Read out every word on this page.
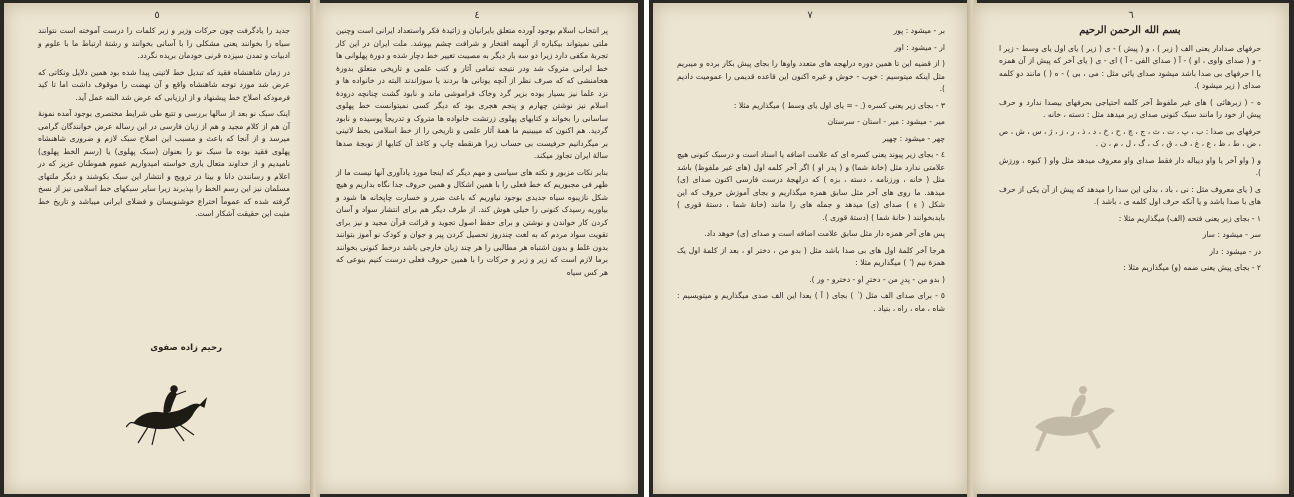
٥

جدید را یادگرفت چون حرکات وزیر و زبر کلمات را درست آموخته است نتوانند سیاه را بخوانند یعنی مشکلی را با آسانی بخوانند و رشتهٔ ارتباط ما با علوم و ادبیات و تمدن سیزده قرنی خودمان بریده نگردد.

در زمان شاهنشاه فقید که تبدیل خط لاتینی پیدا شده بود همین دلایل ونکاتی که عرض شد مورد توجه شاهنشاه واقع و آن نهضت را موقوف داشت اما تا کید فرمودکه اصلاح خط پیشنهاد و از ارزیابی که عرض شد البته عمل آید.

اینک سبک نو بعد از سالها بررسی و تتبع طی شرایط مختصری بوجود آمده نمونهٔ آن هم از کلام مجید و هم از زبان فارسی در این رساله عرض خوانندگان گرامی میرسد و از آنجا که باعث و مسبب این اصلاح سبک لازم و ضروری شاهنشاه پهلوی فقید بوده ما سبک نو را بعنوان (سبک پهلوی) یا (رسم الخط پهلوی) نامیدیم و از خداوند متعال یاری خواسته امیدواریم عموم هموطنان عزیز که در اعلام و رسانندن دانا و بینا در ترویج و انتشار این سبک بکوشند و دیگر ملتهای مسلمان نیز این رسم الخط را بپذیرند زیرا سایر سبکهای خط اسلامی نیز از نسخ گرفته شده که عموماً اختراع خوشنویسان و فضلای ایرانی میباشد و تاریخ خط مثبت این حقیقت آشکار است.

رحیم زاده صفوی
٤

پر انتخاب اسلام بوجود آورده متعلق بایرانیان و زائیدهٔ فکر واستعداد ایرانی است وچنین ملتی نمیتواند بیکباره از آنهمه افتخار و شرافت چشم بپوشد. ملت ایران در این کار تجربهٔ مکفی دارد زیرا دو سه بار دیگر به مصیبت تغییر خط دچار شده و دورهٔ پهلوانی ها خط ایرانی متروک شد ودر نتیجه تمامی آثار و کتب علمی و تاریخی متعلق بدورهٔ هخامنشی که که صرف نظر از آنچه یونانی ها بردند یا سوزاندند البته در خانواده ها و نزد علما نیز بسیار بوده بزیر گرد وخاک فراموشی ماند و نابود گشت چنانچه درودهٔ اسلام نیز نوشتن چهارم و پنجم هجری بود که دیگر کسی نمیتوانست خط پهلوی ساسانی را بخواند و کتابهای پهلوی زرتشت خانواده ها متروک و تدریجاً پوسیده و نابود گردید. هم اکنون که میبینیم ما همهٔ آثار علمی و تاریخی را از خط اسلامی بخط لاتینی بر میگردانیم حرفیست بی حساب زیرا هرنقطه چاپ و کاغذ آن کتابها از نوبجهٔ صدها سالهٔ ایران تجاوز میکند.

بنابر نکات مزبور و نکته های سیاسی و مهم دیگر که اینجا مورد یادآوری آنها نیست ما از ظهر فی مجبوریم که خط فعلی را با همین اشکال و همین حروف جدا نگاه بداریم و هیچ شکل نازیبوه سیاه جدیدی بوجود نیاوریم که باعث ضرر و خسارت چاپخانه ها شود و بیاوریه رسیدک کنونی را خیلی هوش کند. از طرف دیگر هم برای انتشار سواد و آسان کردن کار خواندن و نوشتن و برای حفظ اصول تجوید و قرائت قرآن مجید و نیز برای تقویت سواد مردم که به لغت چندروز تحصیل کردن پیر و جوان و کودک نو آموز بتوانند بدون غلط و بدون اشتباه هر مطالبی را هر چند زبان خارجی باشد درخط کنونی بخوانند برما لازم است که زیر و زبر و حرکات را با همین حروف فعلی درست کنیم بنوعی که هر کس سیاه

٧

بر - میشود : پور

ار - میشود : اور

( از قضیه این تا همین دوره درلهجه های متعدد واوها را بجای پیش بکار برده و میبریم مثل اینکه میتوسیم : خوب - خوش و غیره اکنون این قاعده قدیمی را عمومیت دادیم ).

٣ - بجای زیر یعنی کسره ( ِ - = یای اول یای وسط ) میگذاریم مثلا :

میر - میشود : میر - استان - سرستان

چهر - میشود : چهیر

٤ - بجای زیر پیوند یعنی کسره ای که علامت اضافه یا اسناد است و درسبک کنونی هیچ علامتی ندارد مثل (خانهٔ شما) و ( پدر او ) اگر آخر کلمه اول (های غیر ملفوظ) باشد مثل ( خانه ، ورزنامه ، دسته ، بزه ) که درلهجهٔ درست فارسی اکنون صدای (ی) میدهد. ما روی های آخر مثل سابق همزه میگذاریم و بجای آموزش حروف که این شکل ( ءِ ) صدای (ی) میدهد و جمله های را مانند (خانهٔ شما ، دستهٔ قوری ) بایدبخوانند ( خانهٔ شما ) (دستهٔ قوری ).

پس های آخر همزه دار مثل سابق علامت اضافه است و صدای (ی) خوهد داد.

هرجا آخر کلمهٔ اول های بی صدا باشد مثل ( بدو من ، دختر او ، بعد از کلمهٔ اول یک همزهٔ نیم ( ٔ ) میگذاریم مثلا :

( بدو من - پدرِ من - دخترِ او - دخترو - ور ).

٥ - برای صدای الف مثل ( ٰ ) بجای ( آ ) بعدا این الف صدی میگذاریم و میتویسیم : شاه ، ماه ، راه ، بنیاد .

٦
بسم الله الرحمن الرحیم

حرفهای صدادار یعنی الف ( زبر ) ، و ( پیش ) - ی ( زیر ) یای اول یای وسط - زیر ا - و ( صدای واوی ، او ) - آ ( صدای الفی - آ ) ای - ی ( یای آخر که پیش از آن همزه یا ا حرفهای بی صدا باشد میشود صدای یائی مثل : می ، بی ) - ه ( ) مانند دو کلمه صدای ( زیر میشود ).

ه - ( زبرهائی ) های غیر ملفوظ آخر کلمه احتیاجی بحرفهای بیصدا ندارد و حرف پیش از خود را مانند سبک کنونی صدای زیر میدهد مثل : دسته ، خانه .

حرفهای بی صدا : ب ، پ ، ت ، ث ، ج ، چ ، ح ، خ ، د ، ذ ، ر ، ز ، ژ ، س ، ش ، ص ، ض ، ط ، ظ ، ع ، غ ، ف ، ق ، ک ، گ ، ل ، م ، ن .

و ( واو آخر یا واو دیباله دار فقط صدای واو معروف میدهد مثل واو ( کبوه ، ورزش ).

ی ( یای معروف مثل : نی ، باد ، بدلی این سدا را میدهد که پیش از آن یکی از حرف های با صدا باشد و یا آنکه حرف اول کلمه ی ، باشد ).

١ - بجای زبر یعنی فتحه (الف) میگذاریم مثلا :

سر - میشود : سار

در - میشود : دار

٢ - بجای پیش یعنی ضمه (و) میگذاریم مثلا :
